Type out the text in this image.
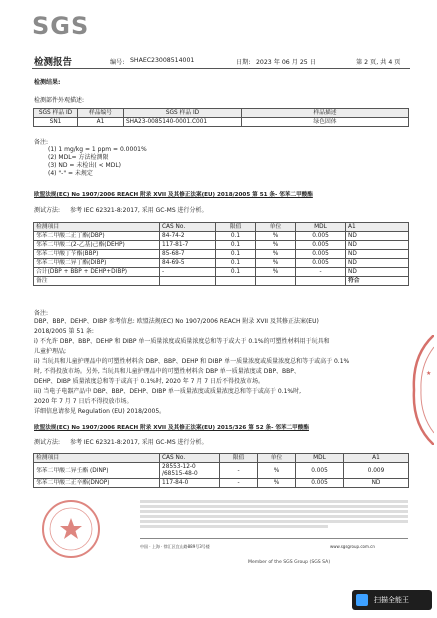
SGS
检测报告	编号: SHAEC23008514001	日期: 2023 年 06 月 25 日	第 2 页, 共 4 页
检测结果:
检测部件外观描述:
SGS 样品 ID	样品编号	SGS 样品 ID	样品描述
SN1	A1	SHA23-0085140-0001.C001	绿色固体
备注:
(1) 1 mg/kg = 1 ppm = 0.0001%
(2) MDL= 方法检测限
(3) ND = 未检出( < MDL)
(4) "-" = 未规定
欧盟法规(EC) No 1907/2006 REACH 附录 XVII 及其修正法案(EU) 2018/2005 第 51 条- 邻苯二甲酸酯
测试方法: 参考 IEC 62321-8:2017, 采用 GC-MS 进行分析。
检测项目	CAS No.	限值	单位	MDL	A1
邻苯二甲酸二正丁酯(DBP)	84-74-2	0.1	%	0.005	ND
邻苯二甲酸二(2-乙基)己酯(DEHP)	117-81-7	0.1	%	0.005	ND
邻苯二甲酸丁苄酯(BBP)	85-68-7	0.1	%	0.005	ND
邻苯二甲酸二异丁酯(DIBP)	84-69-5	0.1	%	0.005	ND
合计(DBP + BBP + DEHP+DIBP)	-	0.1	%	-	ND
备注					符合
备注:
DBP、BBP、DEHP、DIBP 参考信息: 欧盟法规(EC) No 1907/2006 REACH 附录 XVII 及其修正法案(EU)
2018/2005 第 51 条:
i) 不允许 DBP、BBP、DEHP 和 DIBP 单一质量浓度或质量浓度总和等于或大于 0.1%的可塑性材料用于玩具和
儿童护理品;
ii) 当玩具和儿童护理品中的可塑性材料含 DBP、BBP、DEHP 和 DIBP 单一质量浓度或质量浓度总和等于或高于 0.1%
时, 不得投放市场。另外, 当玩具和儿童护理品中的可塑性材料含 DBP 单一质量浓度或 DBP、BBP、
DEHP、DIBP 质量浓度总和等于或高于 0.1%时, 2020 年 7 月 7 日后不得投放市场。
iii) 当电子电器产品中 DBP、BBP、DEHP、DIBP 单一质量浓度或质量浓度总和等于或高于 0.1%时,
2020 年 7 月 7 日后不得投放市场。
详细信息请参见 Regulation (EU) 2018/2005。
欧盟法规(EC) No 1907/2006 REACH 附录 XVII 及其修正法案(EU) 2015/326 第 52 条- 邻苯二甲酸酯
测试方法: 参考 IEC 62321-8:2017, 采用 GC-MS 进行分析。
检测项目	CAS No.	限值	单位	MDL	A1
邻苯二甲酸二异壬酯 (DINP)	28553-12-0 /68515-48-0	-	%	0.005	0.009
邻苯二甲酸二正辛酯(DNOP)	117-84-0	-	%	0.005	ND
★
中国 · 上海 · 徐汇区宜山路889号3号楼	www.sgsgroup.com.cn
Member of the SGS Group (SGS SA)
扫描全能王
